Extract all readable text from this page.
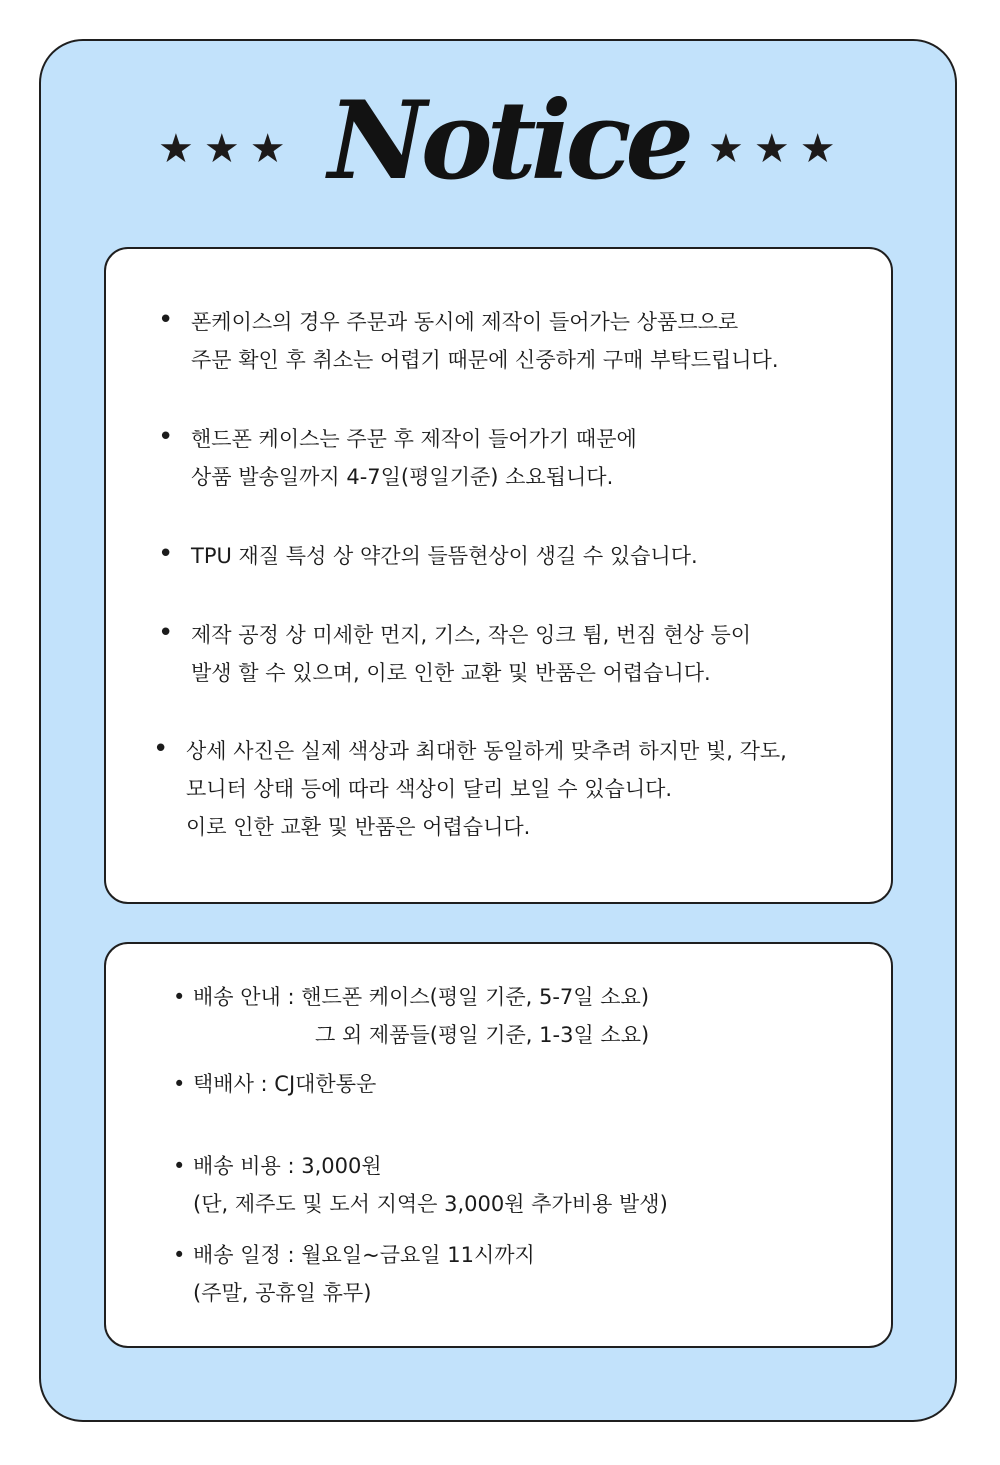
★★★ Notice ★★★
• 폰케이스의 경우 주문과 동시에 제작이 들어가는 상품므으로
주문 확인 후 취소는 어렵기 때문에 신중하게 구매 부탁드립니다.
• 핸드폰 케이스는 주문 후 제작이 들어가기 때문에
상품 발송일까지 4-7일(평일기준) 소요됩니다.
• TPU 재질 특성 상 약간의 들뜸현상이 생길 수 있습니다.
• 제작 공정 상 미세한 먼지, 기스, 작은 잉크 튐, 번짐 현상 등이
발생 할 수 있으며, 이로 인한 교환 및 반품은 어렵습니다.
• 상세 사진은 실제 색상과 최대한 동일하게 맞추려 하지만 빛, 각도,
모니터 상태 등에 따라 색상이 달리 보일 수 있습니다.
이로 인한 교환 및 반품은 어렵습니다.
• 배송 안내 : 핸드폰 케이스(평일 기준, 5-7일 소요)
그 외 제품들(평일 기준, 1-3일 소요)
• 택배사 : CJ대한통운
• 배송 비용 : 3,000원
(단, 제주도 및 도서 지역은 3,000원 추가비용 발생)
• 배송 일정 : 월요일~금요일 11시까지
(주말, 공휴일 휴무)
